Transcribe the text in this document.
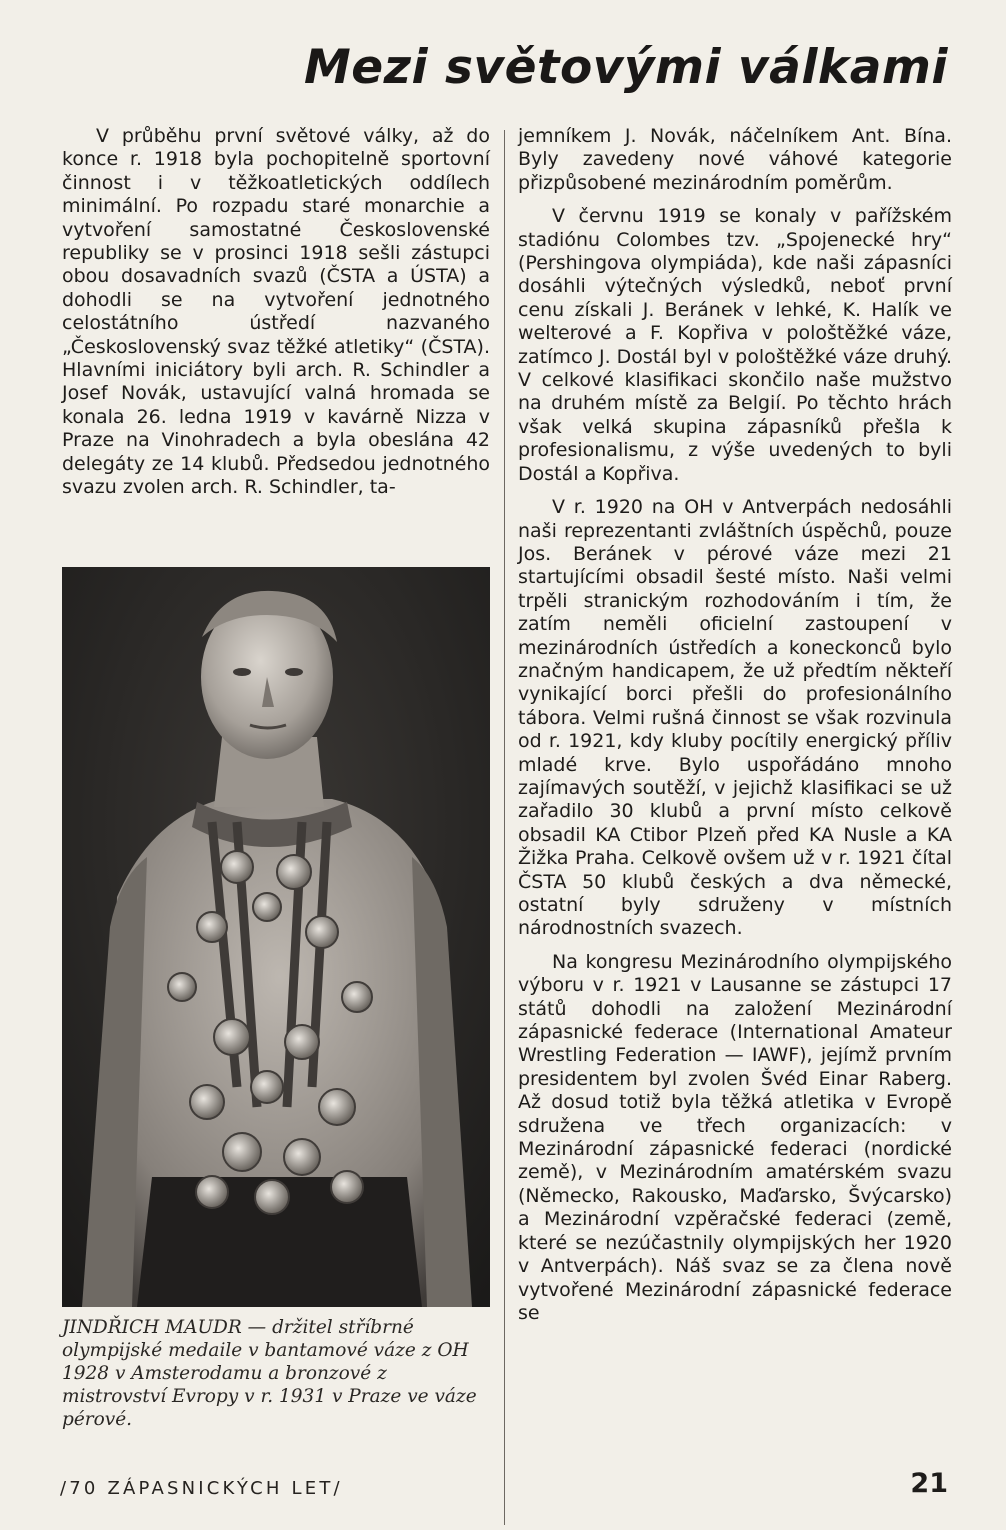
Mezi světovými válkami

V průběhu první světové války, až do konce r. 1918 byla pochopitelně sportovní činnost i v těžkoatletických oddílech minimální. Po rozpadu staré monarchie a vytvoření samostatné Československé republiky se v prosinci 1918 sešli zástupci obou dosavadních svazů (ČSTA a ÚSTA) a dohodli se na vytvoření jednotného celostátního ústředí nazvaného „Československý svaz těžké atletiky“ (ČSTA). Hlavními iniciátory byli arch. R. Schindler a Josef Novák, ustavující valná hromada se konala 26. ledna 1919 v kavárně Nizza v Praze na Vinohradech a byla obeslána 42 delegáty ze 14 klubů. Předsedou jednotného svazu zvolen arch. R. Schindler, ta-

jemníkem J. Novák, náčelníkem Ant. Bína. Byly zavedeny nové váhové kategorie přizpůsobené mezinárodním poměrům.

V červnu 1919 se konaly v pařížském stadiónu Colombes tzv. „Spojenecké hry“ (Pershingova olympiáda), kde naši zápasníci dosáhli výtečných výsledků, neboť první cenu získali J. Beránek v lehké, K. Halík ve welterové a F. Kopřiva v pološtěžké váze, zatímco J. Dostál byl v pološtěžké váze druhý. V celkové klasifikaci skončilo naše mužstvo na druhém místě za Belgií. Po těchto hrách však velká skupina zápasníků přešla k profesionalismu, z výše uvedených to byli Dostál a Kopřiva.

V r. 1920 na OH v Antverpách nedosáhli naši reprezentanti zvláštních úspěchů, pouze Jos. Beránek v pérové váze mezi 21 startujícími obsadil šesté místo. Naši velmi trpěli stranickým rozhodováním i tím, že zatím neměli oficielní zastoupení v mezinárodních ústředích a koneckonců bylo značným handicapem, že už předtím někteří vynikající borci přešli do profesionálního tábora. Velmi rušná činnost se však rozvinula od r. 1921, kdy kluby pocítily energický příliv mladé krve. Bylo uspořádáno mnoho zajímavých soutěží, v jejichž klasifikaci se už zařadilo 30 klubů a první místo celkově obsadil KA Ctibor Plzeň před KA Nusle a KA Žižka Praha. Celkově ovšem už v r. 1921 čítal ČSTA 50 klubů českých a dva německé, ostatní byly sdruženy v místních národnostních svazech.

Na kongresu Mezinárodního olympijského výboru v r. 1921 v Lausanne se zástupci 17 států dohodli na založení Mezinárodní zápasnické federace (International Amateur Wrestling Federation — IAWF), jejímž prvním presidentem byl zvolen Švéd Einar Raberg. Až dosud totiž byla těžká atletika v Evropě sdružena ve třech organizacích: v Mezinárodní zápasnické federaci (nordické země), v Mezinárodním amatérském svazu (Německo, Rakousko, Maďarsko, Švýcarsko) a Mezinárodní vzpěračské federaci (země, které se nezúčastnily olympijských her 1920 v Antverpách). Náš svaz se za člena nově vytvořené Mezinárodní zápasnické federace se

JINDŘICH MAUDR — držitel stříbrné olympijské medaile v bantamové váze z OH 1928 v Amsterodamu a bronzové z mistrovství Evropy v r. 1931 v Praze ve váze pérové.

/70 ZÁPASNICKÝCH LET/	21
